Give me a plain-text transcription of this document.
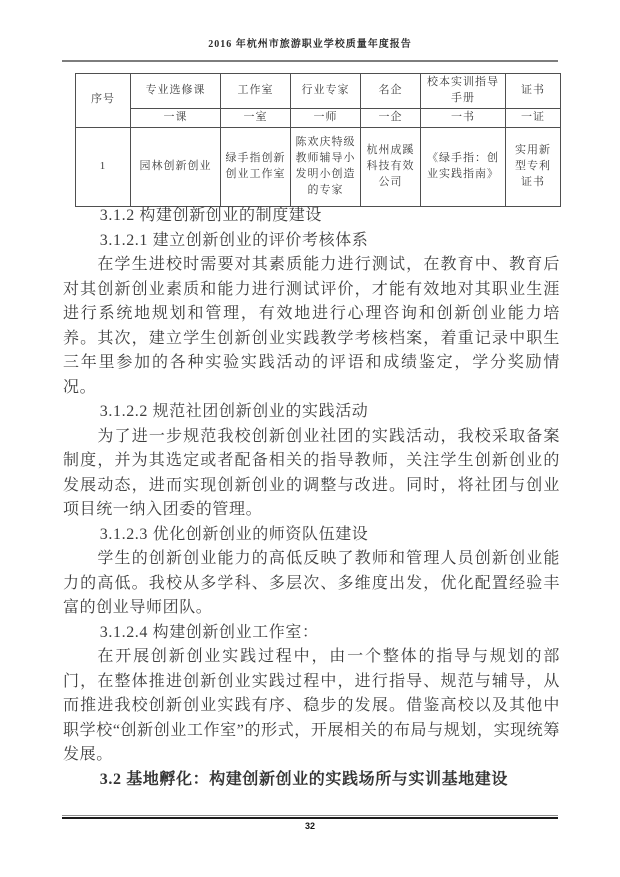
2016 年杭州市旅游职业学校质量年度报告
序号	专业选修课	工作室	行业专家	名企	校本实训指导手册	证书
	一课	一室	一师	一企	一书	一证
1	园林创新创业	绿手指创新创业工作室	陈欢庆特级教师辅导小发明小创造的专家	杭州成蹊科技有效公司	《绿手指：创业实践指南》	实用新型专利证书
3.1.2 构建创新创业的制度建设
3.1.2.1 建立创新创业的评价考核体系
在学生进校时需要对其素质能力进行测试，在教育中、教育后对其创新创业素质和能力进行测试评价，才能有效地对其职业生涯进行系统地规划和管理，有效地进行心理咨询和创新创业能力培养。其次，建立学生创新创业实践教学考核档案，着重记录中职生三年里参加的各种实验实践活动的评语和成绩鉴定，学分奖励情况。
3.1.2.2 规范社团创新创业的实践活动
为了进一步规范我校创新创业社团的实践活动，我校采取备案制度，并为其选定或者配备相关的指导教师，关注学生创新创业的发展动态，进而实现创新创业的调整与改进。同时，将社团与创业项目统一纳入团委的管理。
3.1.2.3 优化创新创业的师资队伍建设
学生的创新创业能力的高低反映了教师和管理人员创新创业能力的高低。我校从多学科、多层次、多维度出发，优化配置经验丰富的创业导师团队。
3.1.2.4 构建创新创业工作室：
在开展创新创业实践过程中，由一个整体的指导与规划的部门，在整体推进创新创业实践过程中，进行指导、规范与辅导，从而推进我校创新创业实践有序、稳步的发展。借鉴高校以及其他中职学校“创新创业工作室”的形式，开展相关的布局与规划，实现统筹发展。
3.2 基地孵化：构建创新创业的实践场所与实训基地建设
32
